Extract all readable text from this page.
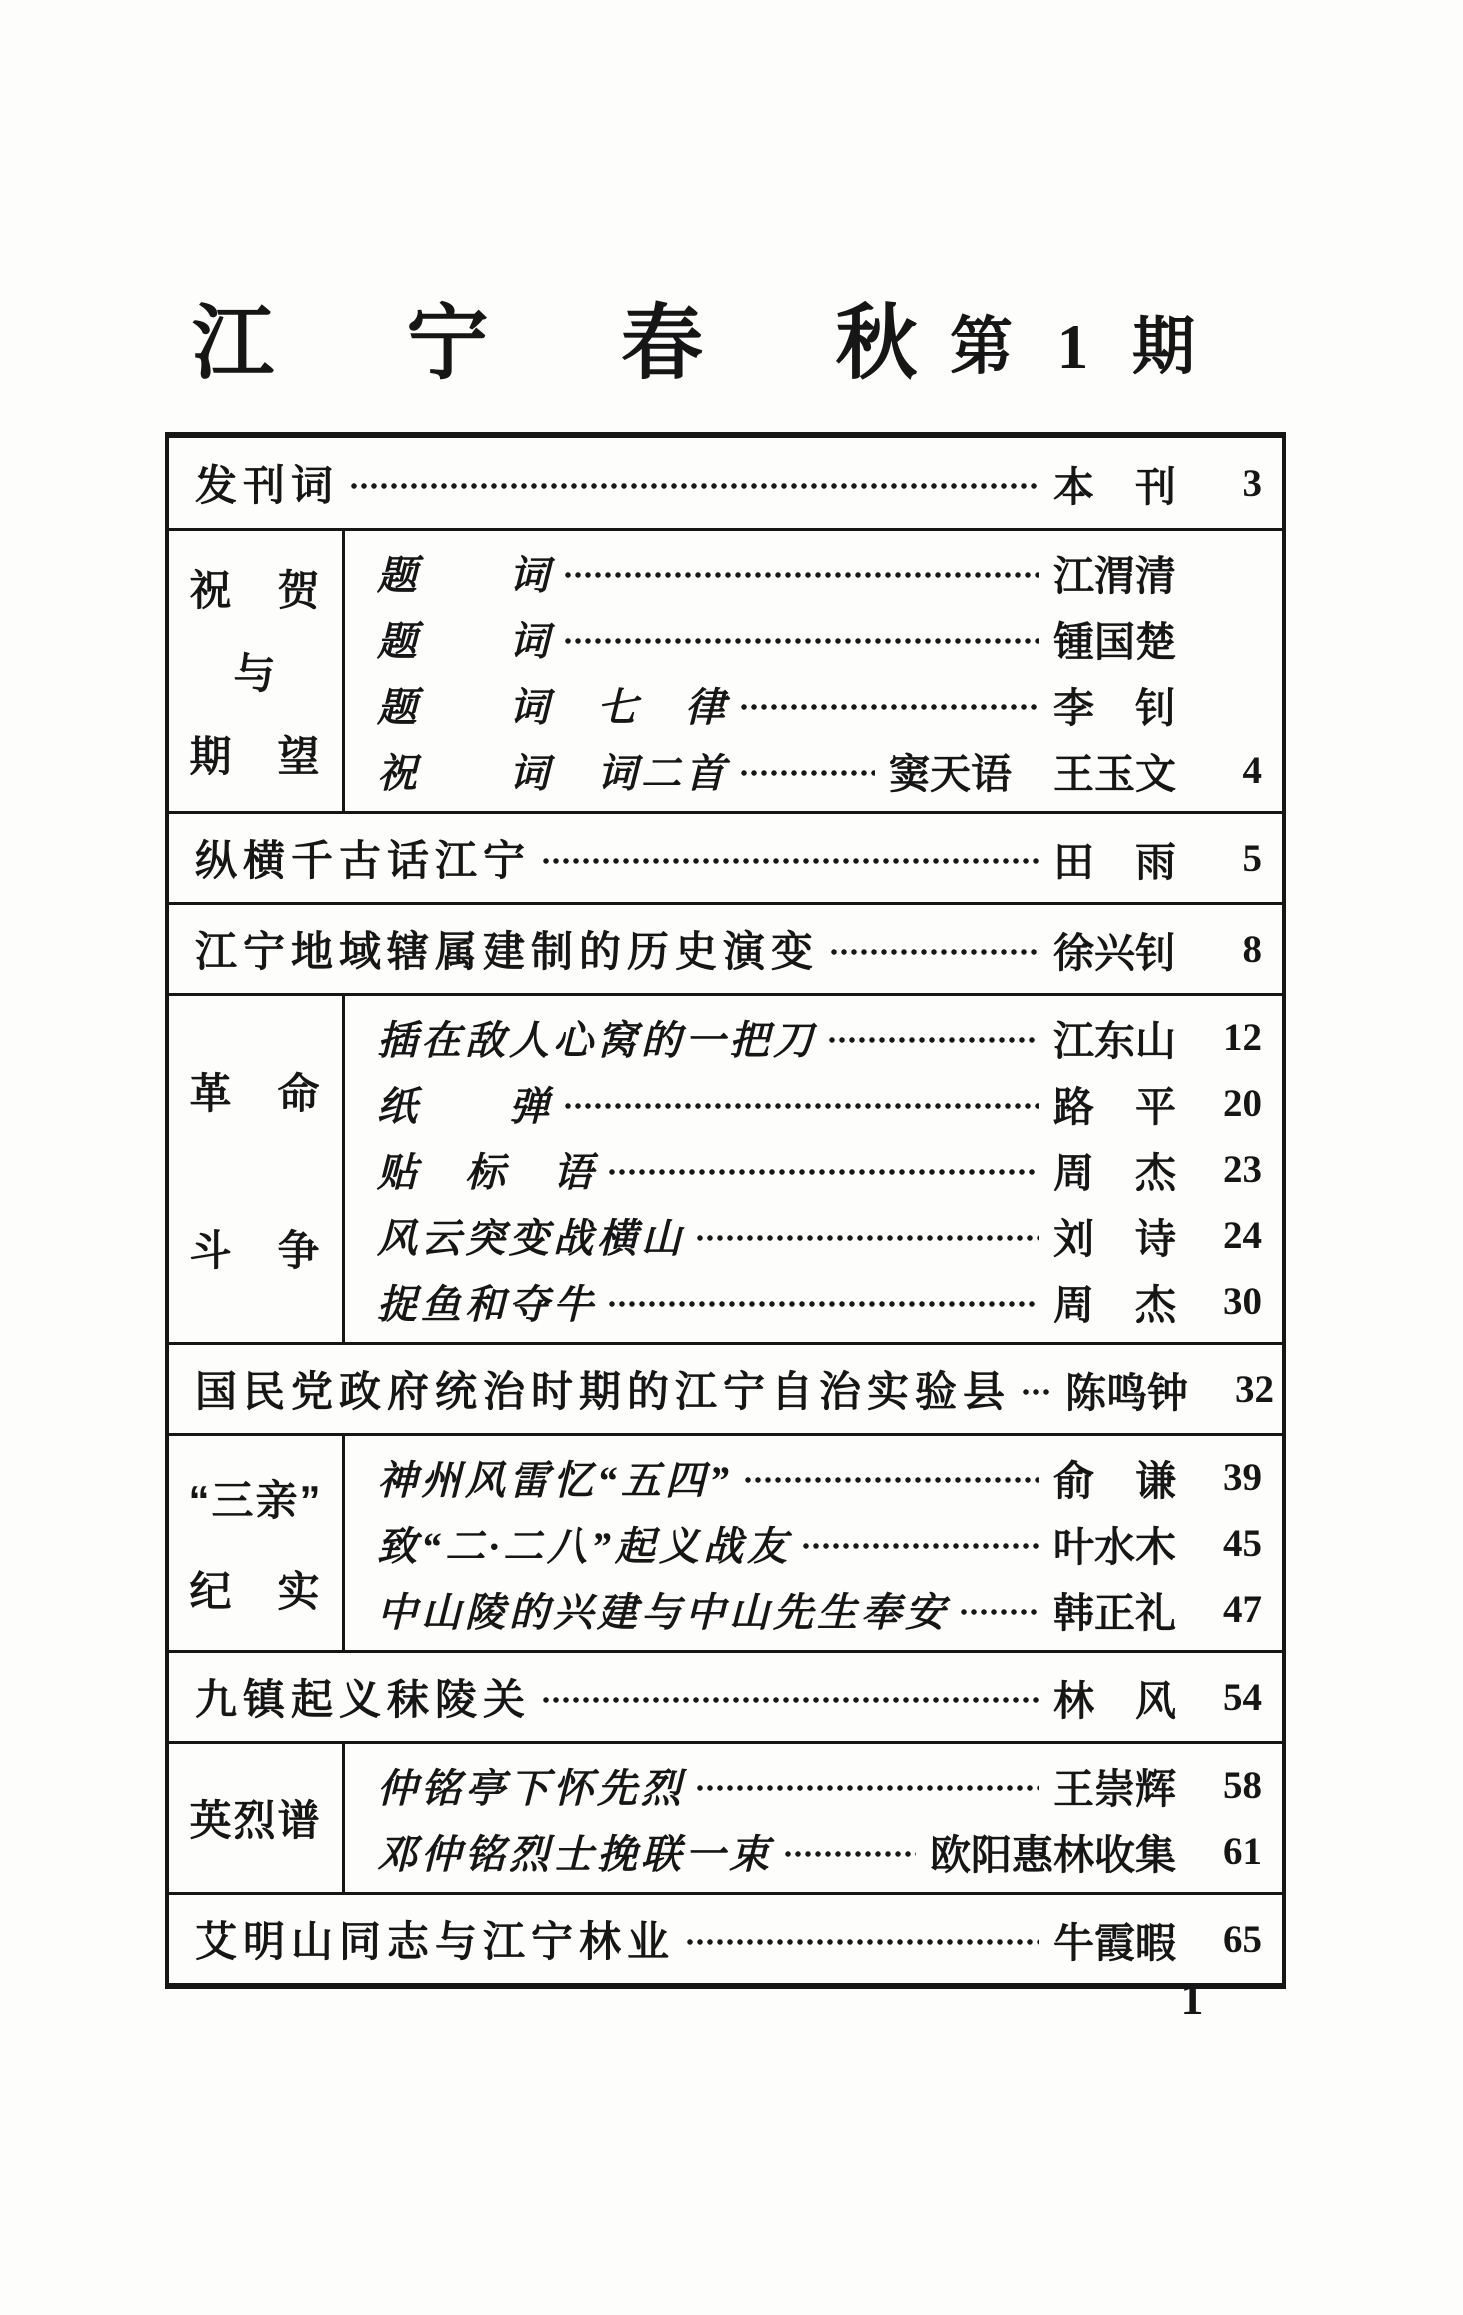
江 宁 春 秋
第 1 期
发刊词	本　刊	3
祝　贺
与
期　望
题　　词	江渭清
题　　词	锺国楚
题　　词　七　律	李　钊
祝　　词　词二首	窦天语　王玉文	4
纵横千古话江宁	田　雨	5
江宁地域辖属建制的历史演变	徐兴钊	8
革　命
斗　争
插在敌人心窝的一把刀	江东山	12
纸　　弹	路　平	20
贴　标　语	周　杰	23
风云突变战横山	刘　诗	24
捉鱼和夺牛	周　杰	30
国民党政府统治时期的江宁自治实验县 陈鸣钟	32
“三亲”
纪　实
神州风雷忆“五四”	俞　谦	39
致“二·二八”起义战友	叶水木	45
中山陵的兴建与中山先生奉安	韩正礼	47
九镇起义秣陵关	林　风	54
英烈谱
仲铭亭下怀先烈	王崇辉	58
邓仲铭烈士挽联一束	欧阳惠林收集	61
艾明山同志与江宁林业	牛霞暇	65
1
